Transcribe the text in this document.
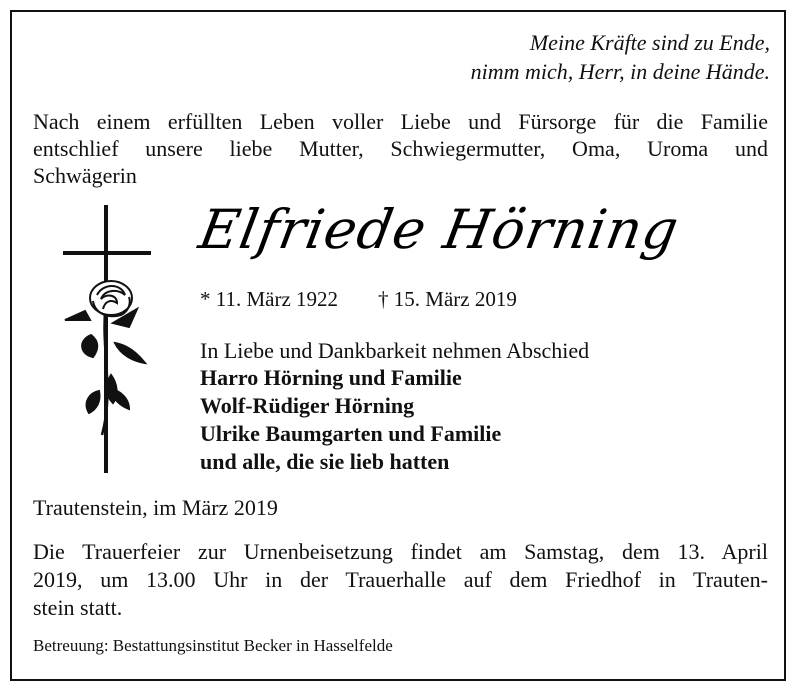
Meine Kräfte sind zu Ende,
nimm mich, Herr, in deine Hände.
Nach einem erfüllten Leben voller Liebe und Fürsorge für die Familie
entschlief unsere liebe Mutter, Schwiegermutter, Oma, Uroma und
Schwägerin
Elfriede Hörning
* 11. März 1922 † 15. März 2019
In Liebe und Dankbarkeit nehmen Abschied
Harro Hörning und Familie
Wolf-Rüdiger Hörning
Ulrike Baumgarten und Familie
und alle, die sie lieb hatten
Trautenstein, im März 2019
Die Trauerfeier zur Urnenbeisetzung findet am Samstag, dem 13. April
2019, um 13.00 Uhr in der Trauerhalle auf dem Friedhof in Trauten-
stein statt.
Betreuung: Bestattungsinstitut Becker in Hasselfelde
